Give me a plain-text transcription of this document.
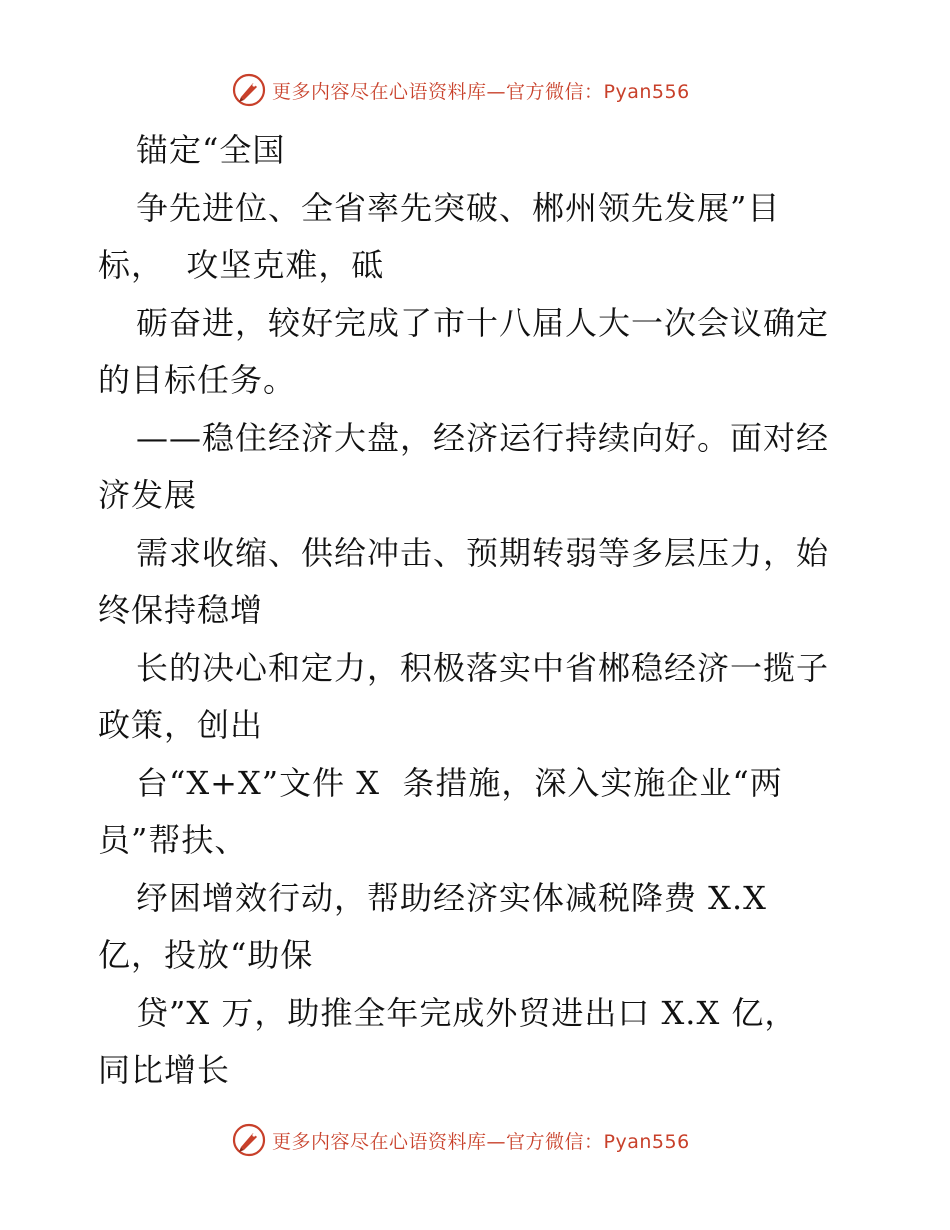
更多内容尽在心语资料库—官方微信：Pyan556
锚定“全国
争先进位、全省率先突破、郴州领先发展”目
标，  攻坚克难，砥
砺奋进，较好完成了市十八届人大一次会议确定
的目标任务。
——稳住经济大盘，经济运行持续向好。面对经
济发展
需求收缩、供给冲击、预期转弱等多层压力，始
终保持稳增
长的决心和定力，积极落实中省郴稳经济一揽子
政策，创出
台“X+X”文件 X  条措施，深入实施企业“两
员”帮扶、
纾困增效行动，帮助经济实体减税降费 X.X
亿，投放“助保
贷”X 万，助推全年完成外贸进出口 X.X 亿，
同比增长
更多内容尽在心语资料库—官方微信：Pyan556
